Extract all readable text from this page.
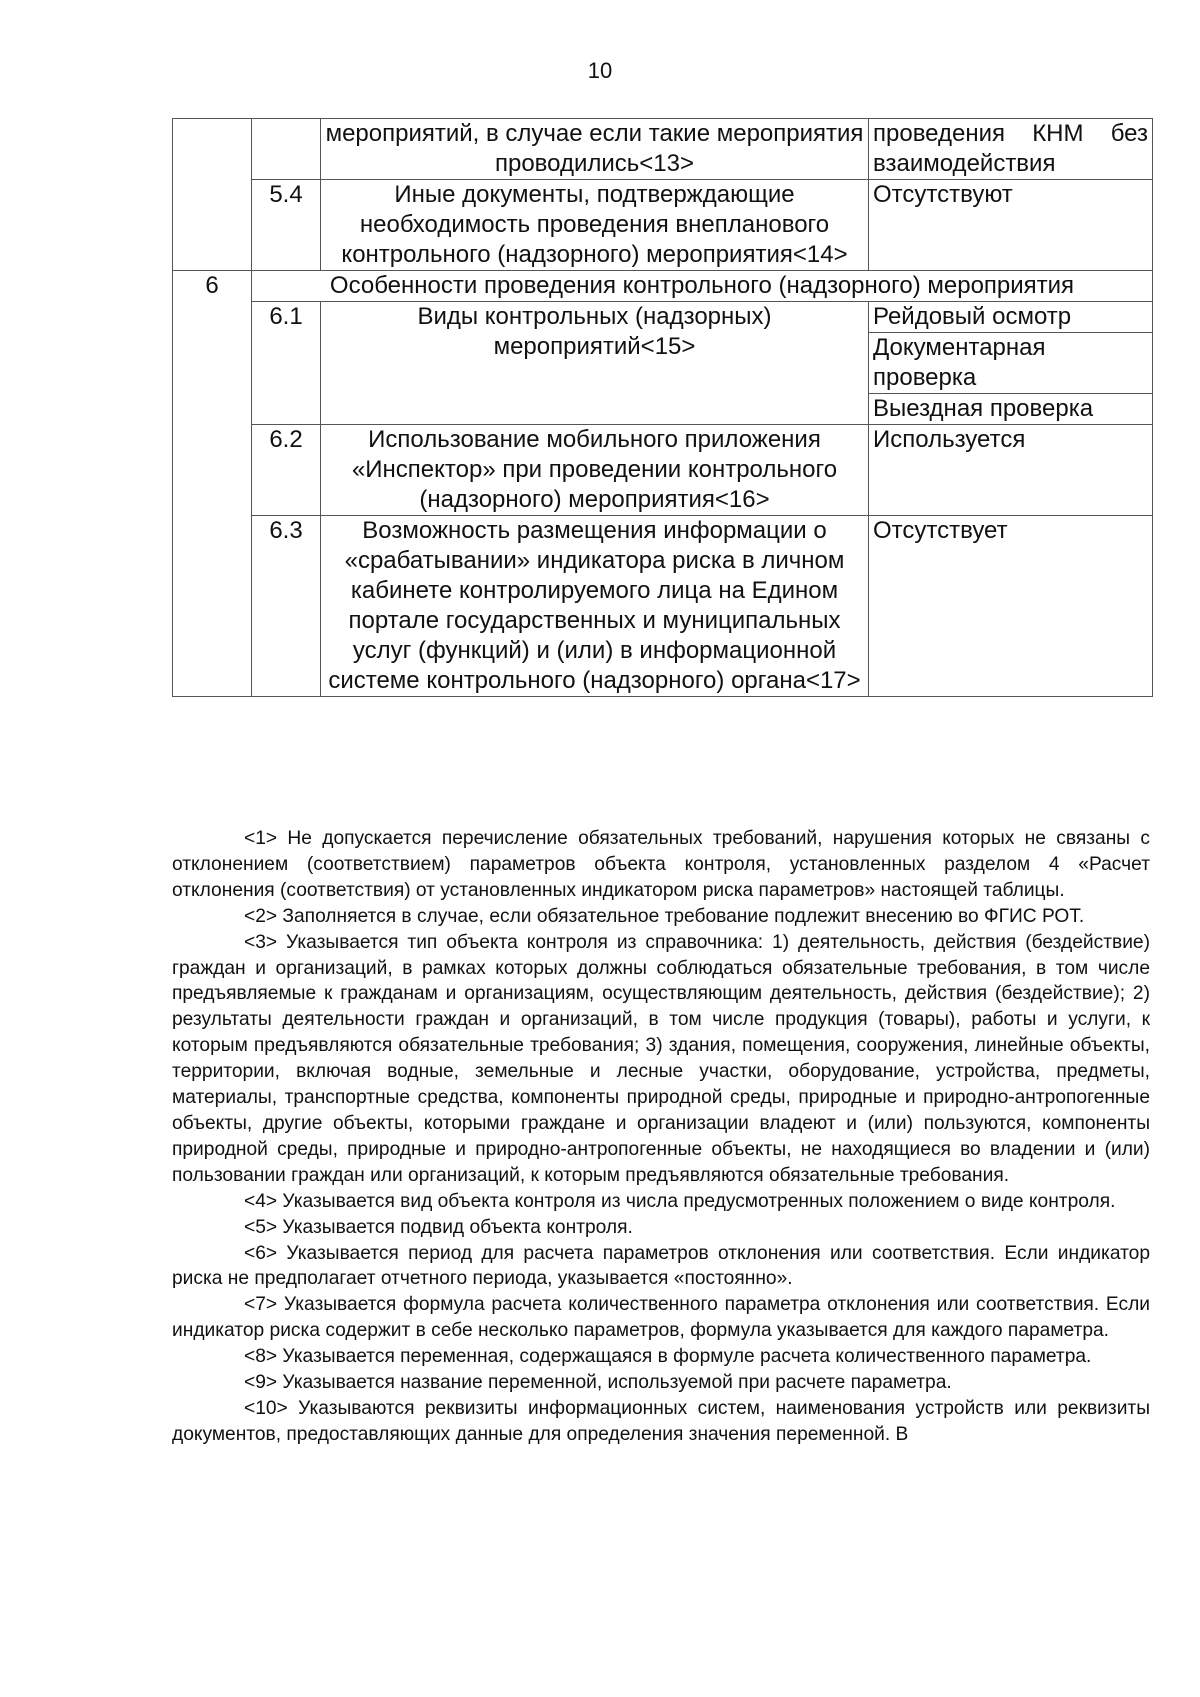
10
		мероприятий, в случае если такие мероприятия проводились<13>	проведения КНМ без
взаимодействия
	5.4	Иные документы, подтверждающие необходимость проведения внепланового контрольного (надзорного) мероприятия<14>	Отсутствуют
6	Особенности проведения контрольного (надзорного) мероприятия		
	6.1	Виды контрольных (надзорных) мероприятий<15>	Рейдовый осмотр
			Документарная проверка
			Выездная проверка
	6.2	Использование мобильного приложения «Инспектор» при проведении контрольного (надзорного) мероприятия<16>	Используется
	6.3	Возможность размещения информации о «срабатывании» индикатора риска в личном кабинете контролируемого лица на Едином портале государственных и муниципальных услуг (функций) и (или) в информационной системе контрольного (надзорного) органа<17>	Отсутствует

<1> Не допускается перечисление обязательных требований, нарушения которых не связаны с отклонением (соответствием) параметров объекта контроля, установленных разделом 4 «Расчет отклонения (соответствия) от установленных индикатором риска параметров» настоящей таблицы.

<2> Заполняется в случае, если обязательное требование подлежит внесению во ФГИС РОТ.

<3> Указывается тип объекта контроля из справочника: 1) деятельность, действия (бездействие) граждан и организаций, в рамках которых должны соблюдаться обязательные требования, в том числе предъявляемые к гражданам и организациям, осуществляющим деятельность, действия (бездействие); 2) результаты деятельности граждан и организаций, в том числе продукция (товары), работы и услуги, к которым предъявляются обязательные требования; 3) здания, помещения, сооружения, линейные объекты, территории, включая водные, земельные и лесные участки, оборудование, устройства, предметы, материалы, транспортные средства, компоненты природной среды, природные и природно-антропогенные объекты, другие объекты, которыми граждане и организации владеют и (или) пользуются, компоненты природной среды, природные и природно-антропогенные объекты, не находящиеся во владении и (или) пользовании граждан или организаций, к которым предъявляются обязательные требования.

<4> Указывается вид объекта контроля из числа предусмотренных положением о виде контроля.

<5> Указывается подвид объекта контроля.

<6> Указывается период для расчета параметров отклонения или соответствия. Если индикатор риска не предполагает отчетного периода, указывается «постоянно».

<7> Указывается формула расчета количественного параметра отклонения или соответствия. Если индикатор риска содержит в себе несколько параметров, формула указывается для каждого параметра.

<8> Указывается переменная, содержащаяся в формуле расчета количественного параметра.

<9> Указывается название переменной, используемой при расчете параметра.

<10> Указываются реквизиты информационных систем, наименования устройств или реквизиты документов, предоставляющих данные для определения значения переменной. В
